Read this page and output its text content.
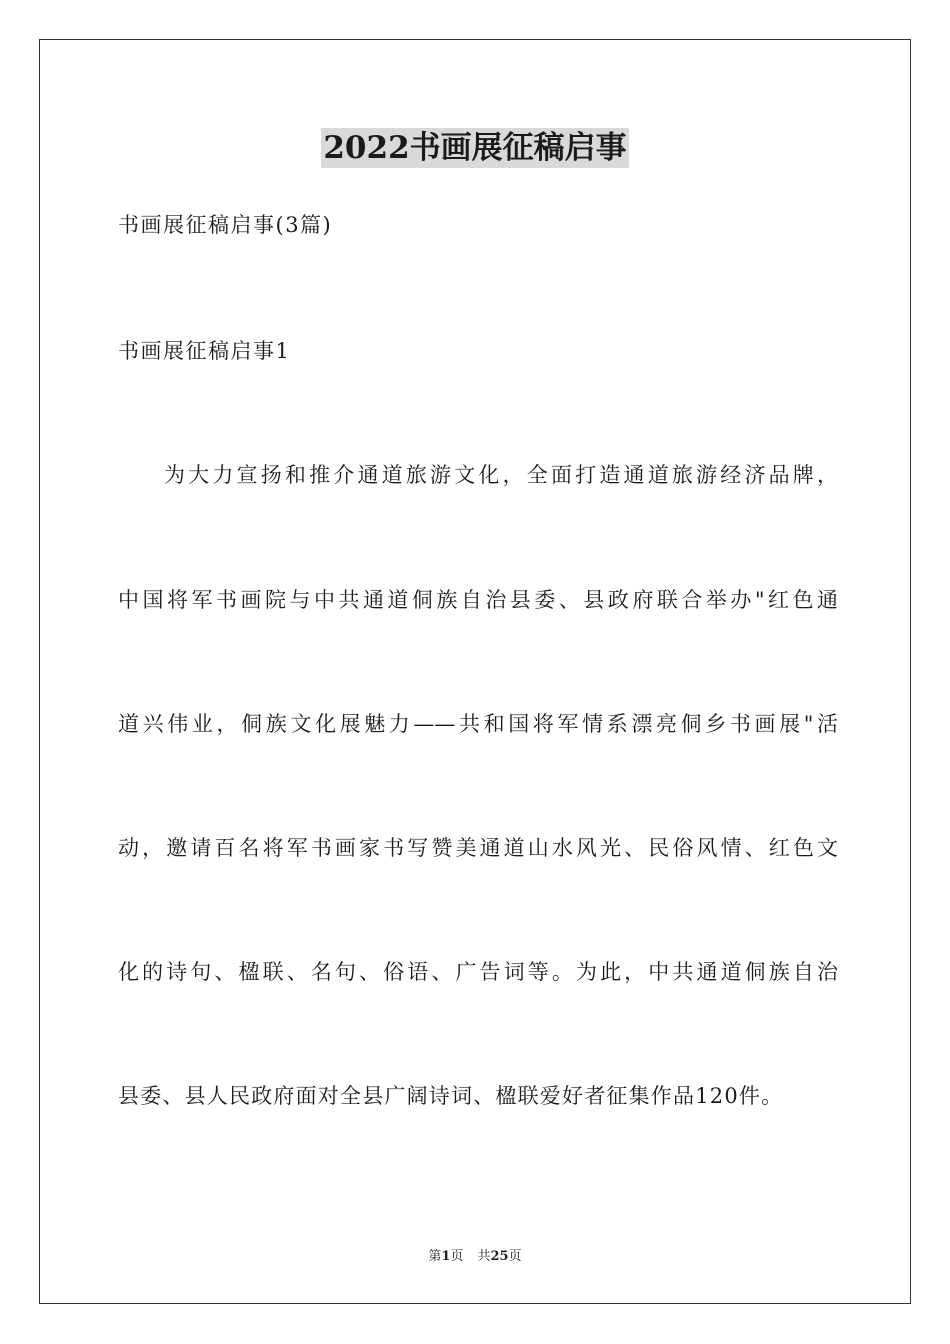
2022书画展征稿启事
书画展征稿启事(3篇)
书画展征稿启事1
为大力宣扬和推介通道旅游文化，全面打造通道旅游经济品牌，
中国将军书画院与中共通道侗族自治县委、县政府联合举办"红色通
道兴伟业，侗族文化展魅力——共和国将军情系漂亮侗乡书画展"活
动，邀请百名将军书画家书写赞美通道山水风光、民俗风情、红色文
化的诗句、楹联、名句、俗语、广告词等。为此，中共通道侗族自治
县委、县人民政府面对全县广阔诗词、楹联爱好者征集作品120件。
第1页 共25页
